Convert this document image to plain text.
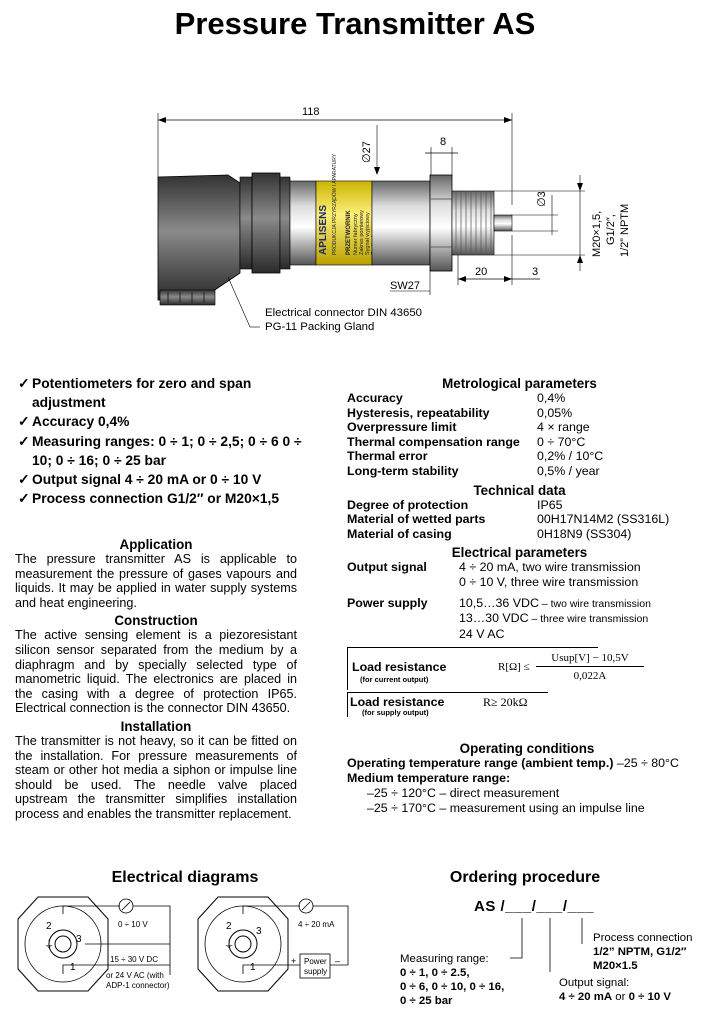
Pressure Transmitter AS
118
∅27	8
APLISENS PRODUKCJA PRZYRZĄDÓW I APARATURY PRZETWORNIK Numer fabryczny Zakres pomiarowy Sygnał wyjściowy
∅3
M20×1,5, G1/2″, 1/2” NPTM
20	3
SW27
Electrical connector DIN 43650
PG-11 Packing Gland
✓ Potentiometers for zero and span adjustment
✓ Accuracy 0,4%
✓ Measuring ranges: 0 ÷ 1; 0 ÷ 2,5; 0 ÷ 6 0 ÷ 10; 0 ÷ 16; 0 ÷ 25 bar
✓ Output signal 4 ÷ 20 mA or 0 ÷ 10 V
✓ Process connection G1/2″ or M20×1,5
Application
The pressure transmitter AS is applicable to measurement the pressure of gases vapours and liquids. It may be applied in water supply systems and heat engineering.
Construction
The active sensing element is a piezoresistant silicon sensor separated from the medium by a diaphragm and by specially selected type of manometric liquid. The electronics are placed in the casing with a degree of protection IP65. Electrical connection is the connector DIN 43650.
Installation
The transmitter is not heavy, so it can be fitted on the installation. For pressure measurements of steam or other hot media a siphon or impulse line should be used. The needle valve placed upstream the transmitter simplifies installation process and enables the transmitter replacement.
Metrological parameters
Accuracy	0,4%
Hysteresis, repeatability	0,05%
Overpressure limit	4 × range
Thermal compensation range	0 ÷ 70°C
Thermal error	0,2% / 10°C
Long-term stability	0,5% / year
Technical data
Degree of protection	IP65
Material of wetted parts	00H17N14M2 (SS316L)
Material of casing	0H18N9 (SS304)
Electrical parameters
Output signal	4 ÷ 20 mA, two wire transmission
0 ÷ 10 V, three wire transmission
Power supply	10,5…36 VDC – two wire transmission
13…30 VDC – three wire transmission
24 V AC
Load resistance
(for current output)
R[Ω] ≤
Usup[V] − 10,5V
0,022A
Load resistance
(for supply output)
R≥ 20kΩ
Operating conditions
Operating temperature range (ambient temp.) –25 ÷ 80°C
Medium temperature range:
–25 ÷ 120°C – direct measurement
–25 ÷ 170°C – measurement using an impulse line
Electrical diagrams
2
3
1
⏚
0 ÷ 10 V
15 ÷ 30 V DC
or 24 V AC (with
ADP-1 connector)
2 3
1
⏚
4 ÷ 20 mA
Power
supply
+	–
Ordering procedure
AS /___/___/___
Measuring range:
0 ÷ 1, 0 ÷ 2.5,
0 ÷ 6, 0 ÷ 10, 0 ÷ 16,
0 ÷ 25 bar
Output signal:
4 ÷ 20 mA or 0 ÷ 10 V
Process connection
1/2” NPTM, G1/2″
M20×1.5
